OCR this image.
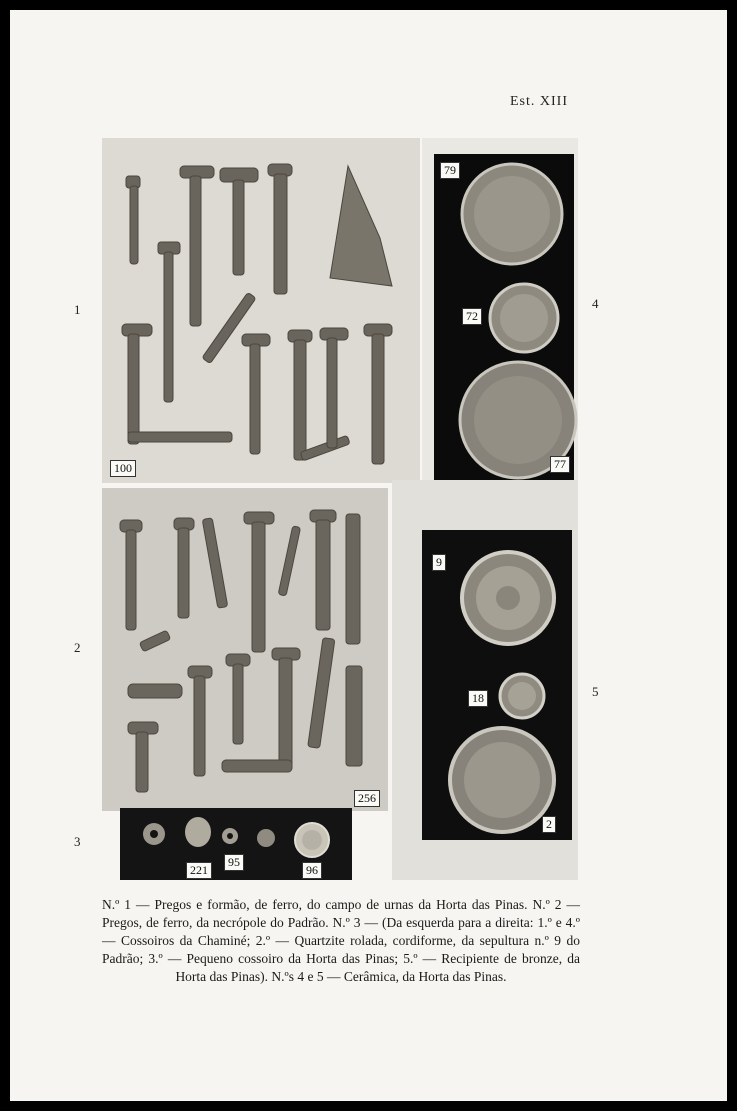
Est. XIII
1
2
3
4
5
100
79
72
77
256
9
18
2
221
95
96

N.º 1 — Pregos e formão, de ferro, do campo de urnas da Horta das Pinas. N.º 2 — Pregos, de ferro, da necrópole do Padrão. N.º 3 — (Da esquerda para a direita: 1.º e 4.º — Cossoiros da Chaminé; 2.º — Quartzite rolada, cordiforme, da sepultura n.º 9 do Padrão; 3.º — Pequeno cossoiro da Horta das Pinas; 5.º — Recipiente de bronze, da Horta das Pinas). N.ºs 4 e 5 — Cerâmica, da Horta das Pinas.
